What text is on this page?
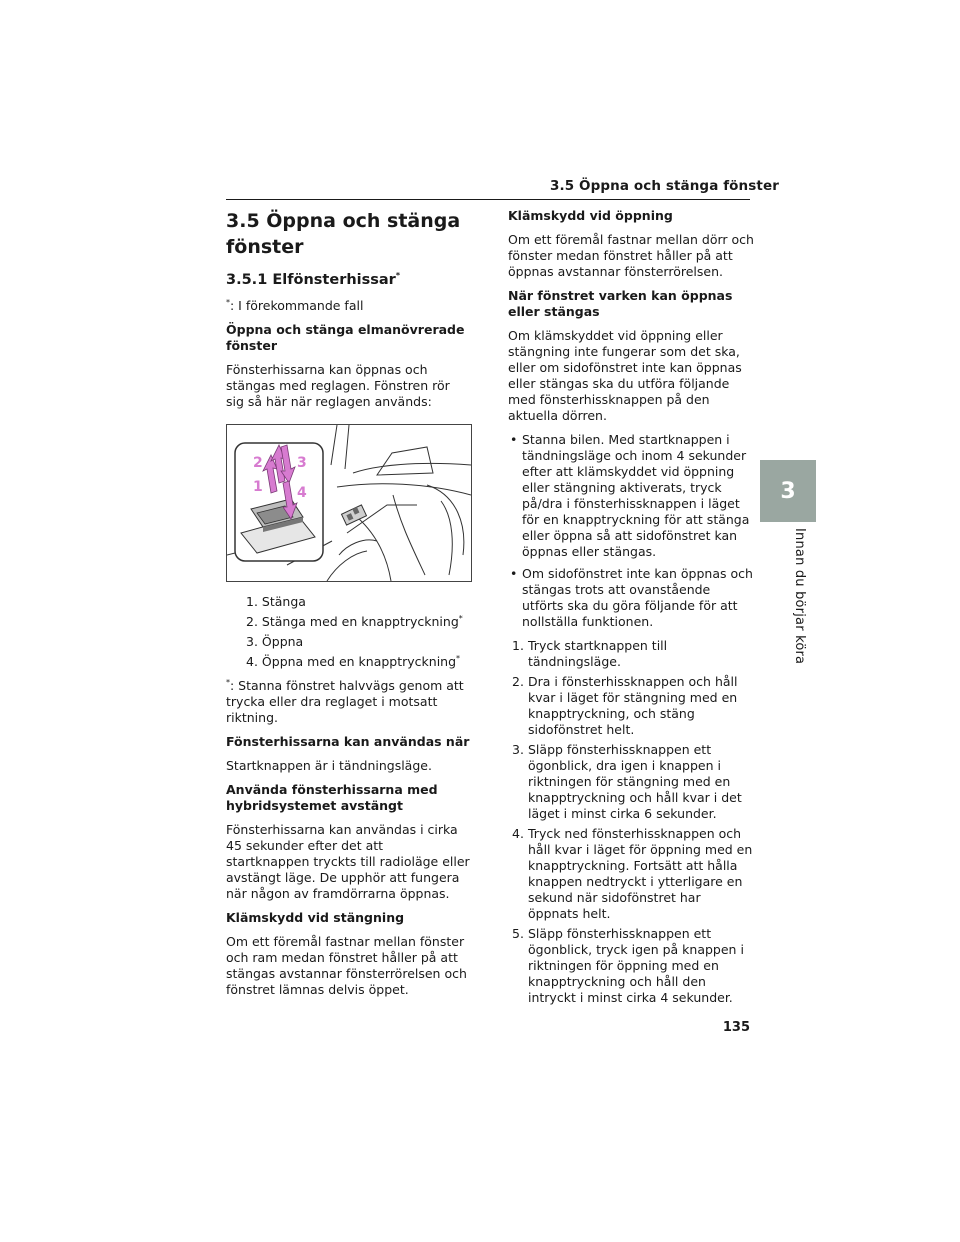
3.5 Öppna och stänga fönster
3
Innan du börjar köra
3.5 Öppna och stänga fönster
3.5.1 Elfönsterhissar*
*: I förekommande fall
Öppna och stänga elmanövrerade fönster
Fönsterhissarna kan öppnas och stängas med reglagen. Fönstren rör sig så här när reglagen används:
1
2 3
4
1. Stänga
2. Stänga med en knapptryckning*
3. Öppna
4. Öppna med en knapptryckning*
*: Stanna fönstret halvvägs genom att trycka eller dra reglaget i motsatt riktning.
Fönsterhissarna kan användas när
Startknappen är i tändningsläge.
Använda fönsterhissarna med hybridsystemet avstängt
Fönsterhissarna kan användas i cirka 45 sekunder efter det att startknappen tryckts till radioläge eller avstängt läge. De upphör att fungera när någon av framdörrarna öppnas.
Klämskydd vid stängning
Om ett föremål fastnar mellan fönster och ram medan fönstret håller på att stängas avstannar fönsterrörelsen och fönstret lämnas delvis öppet.
Klämskydd vid öppning
Om ett föremål fastnar mellan dörr och fönster medan fönstret håller på att öppnas avstannar fönsterrörelsen.
När fönstret varken kan öppnas eller stängas
Om klämskyddet vid öppning eller stängning inte fungerar som det ska, eller om sidofönstret inte kan öppnas eller stängas ska du utföra följande med fönsterhissknappen på den aktuella dörren.
• Stanna bilen. Med startknappen i tändningsläge och inom 4 sekunder efter att klämskyddet vid öppning eller stängning aktiverats, tryck på/dra i fönsterhissknappen i läget för en knapptryckning för att stänga eller öppna så att sidofönstret kan öppnas eller stängas.
• Om sidofönstret inte kan öppnas och stängas trots att ovanstående utförts ska du göra följande för att nollställa funktionen.
1. Tryck startknappen till tändningsläge.
2. Dra i fönsterhissknappen och håll kvar i läget för stängning med en knapptryckning, och stäng sidofönstret helt.
3. Släpp fönsterhissknappen ett ögonblick, dra igen i knappen i riktningen för stängning med en knapptryckning och håll kvar i det läget i minst cirka 6 sekunder.
4. Tryck ned fönsterhissknappen och håll kvar i läget för öppning med en knapptryckning. Fortsätt att hålla knappen nedtryckt i ytterligare en sekund när sidofönstret har öppnats helt.
5. Släpp fönsterhissknappen ett ögonblick, tryck igen på knappen i riktningen för öppning med en knapptryckning och håll den intryckt i minst cirka 4 sekunder.
135
